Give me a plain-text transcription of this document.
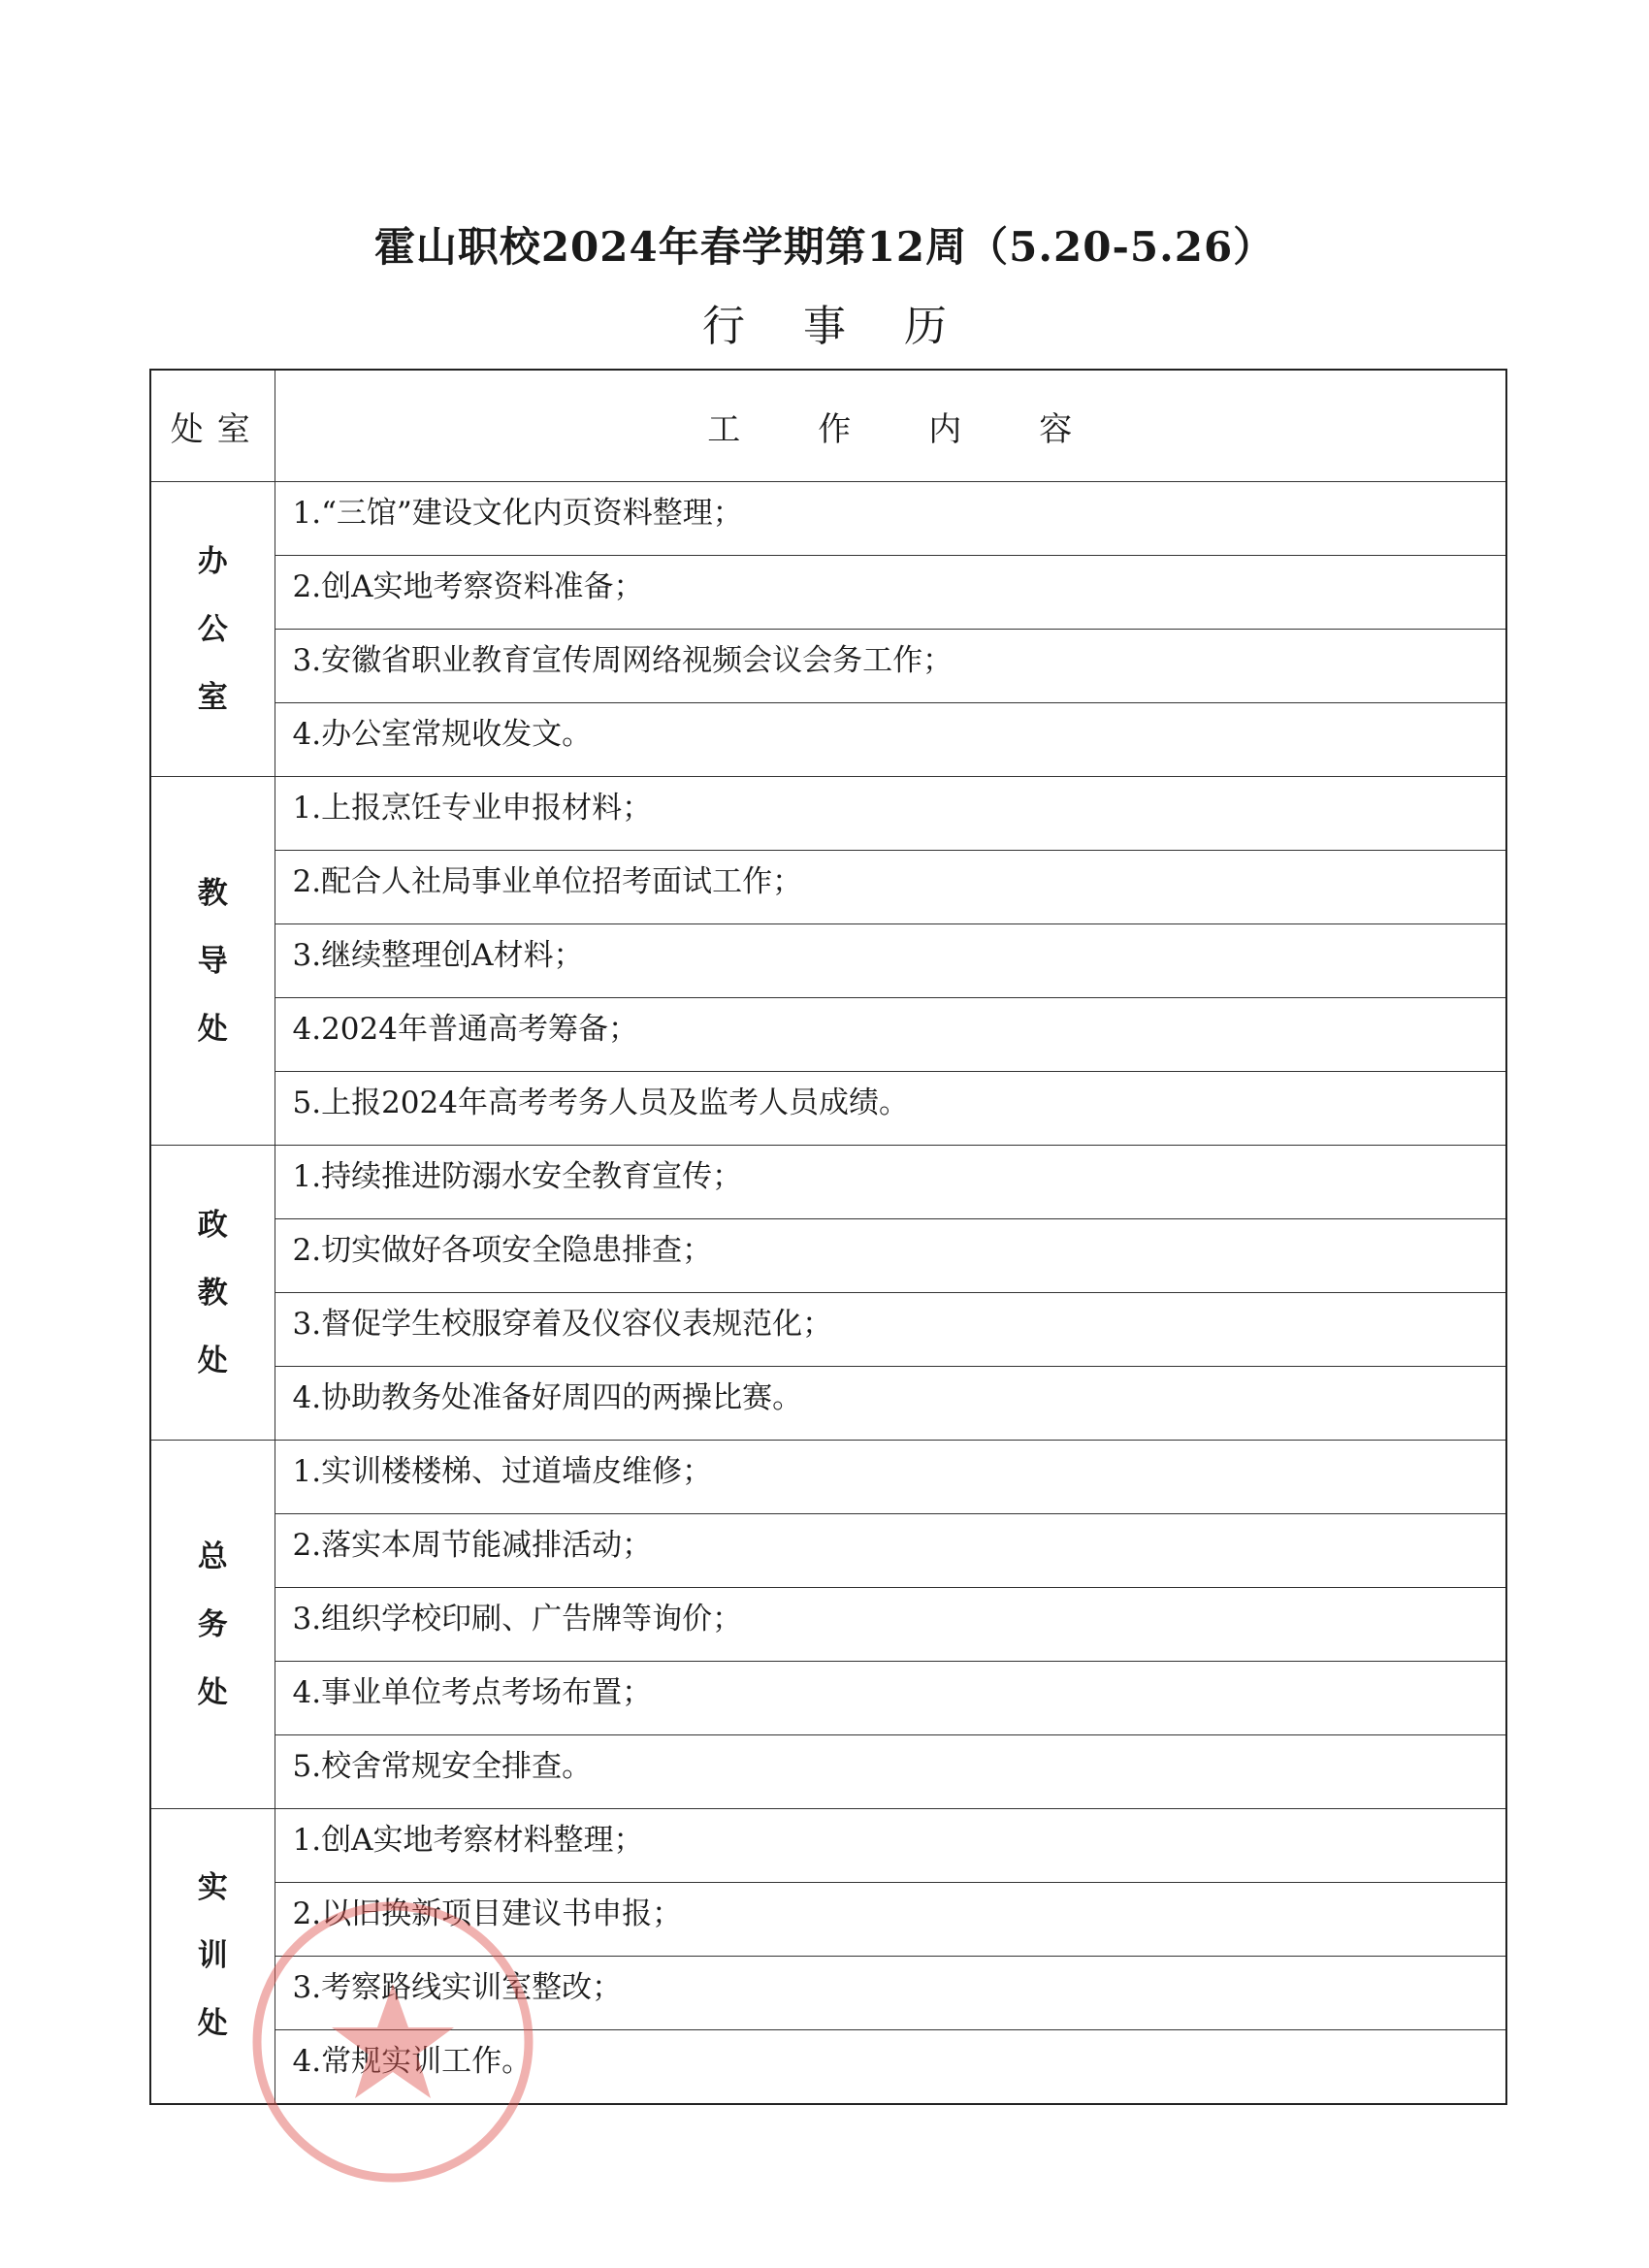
霍山职校2024年春学期第12周（5.20-5.26）
行事历
处室	工作内容

办
公
室	1.“三馆”建设文化内页资料整理；
	2.创A实地考察资料准备；
	3.安徽省职业教育宣传周网络视频会议会务工作；
	4.办公室常规收发文。

教
导
处	1.上报烹饪专业申报材料；
	2.配合人社局事业单位招考面试工作；
	3.继续整理创A材料；
	4.2024年普通高考筹备；
	5.上报2024年高考考务人员及监考人员成绩。

政
教
处	1.持续推进防溺水安全教育宣传；
	2.切实做好各项安全隐患排查；
	3.督促学生校服穿着及仪容仪表规范化；
	4.协助教务处准备好周四的两操比赛。

总
务
处	1.实训楼楼梯、过道墙皮维修；
	2.落实本周节能减排活动；
	3.组织学校印刷、广告牌等询价；
	4.事业单位考点考场布置；
	5.校舍常规安全排查。

实
训
处	1.创A实地考察材料整理；
	2.以旧换新项目建议书申报；
	3.考察路线实训室整改；
	4.常规实训工作。
